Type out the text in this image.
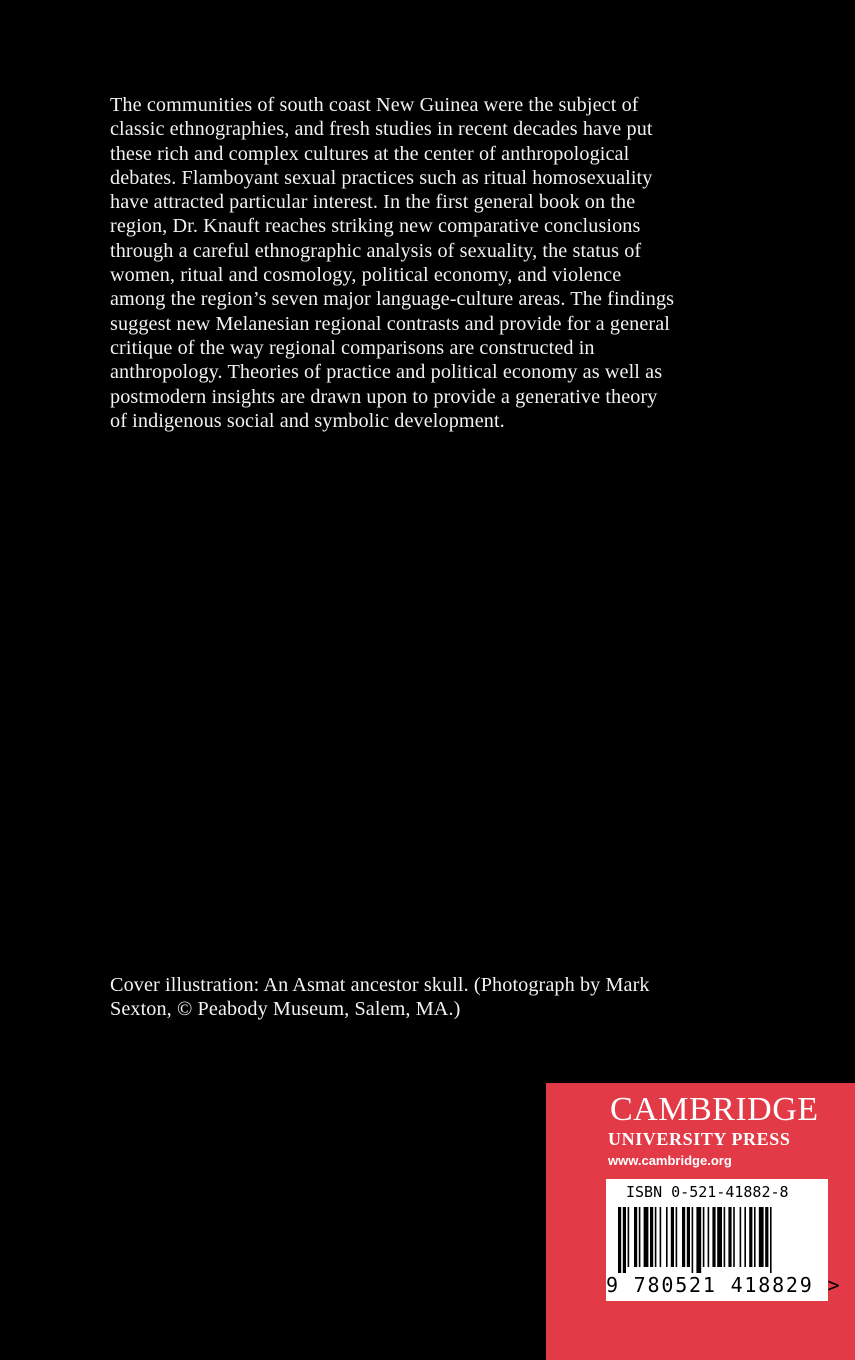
The communities of south coast New Guinea were the subject of
classic ethnographies, and fresh studies in recent decades have put
these rich and complex cultures at the center of anthropological
debates. Flamboyant sexual practices such as ritual homosexuality
have attracted particular interest. In the first general book on the
region, Dr. Knauft reaches striking new comparative conclusions
through a careful ethnographic analysis of sexuality, the status of
women, ritual and cosmology, political economy, and violence
among the region’s seven major language-culture areas. The findings
suggest new Melanesian regional contrasts and provide for a general
critique of the way regional comparisons are constructed in
anthropology. Theories of practice and political economy as well as
postmodern insights are drawn upon to provide a generative theory
of indigenous social and symbolic development.

Cover illustration: An Asmat ancestor skull. (Photograph by Mark
Sexton, © Peabody Museum, Salem, MA.)

CAMBRIDGE

UNIVERSITY PRESS

www.cambridge.org

ISBN 0-521-41882-8

9 780521 418829 >
